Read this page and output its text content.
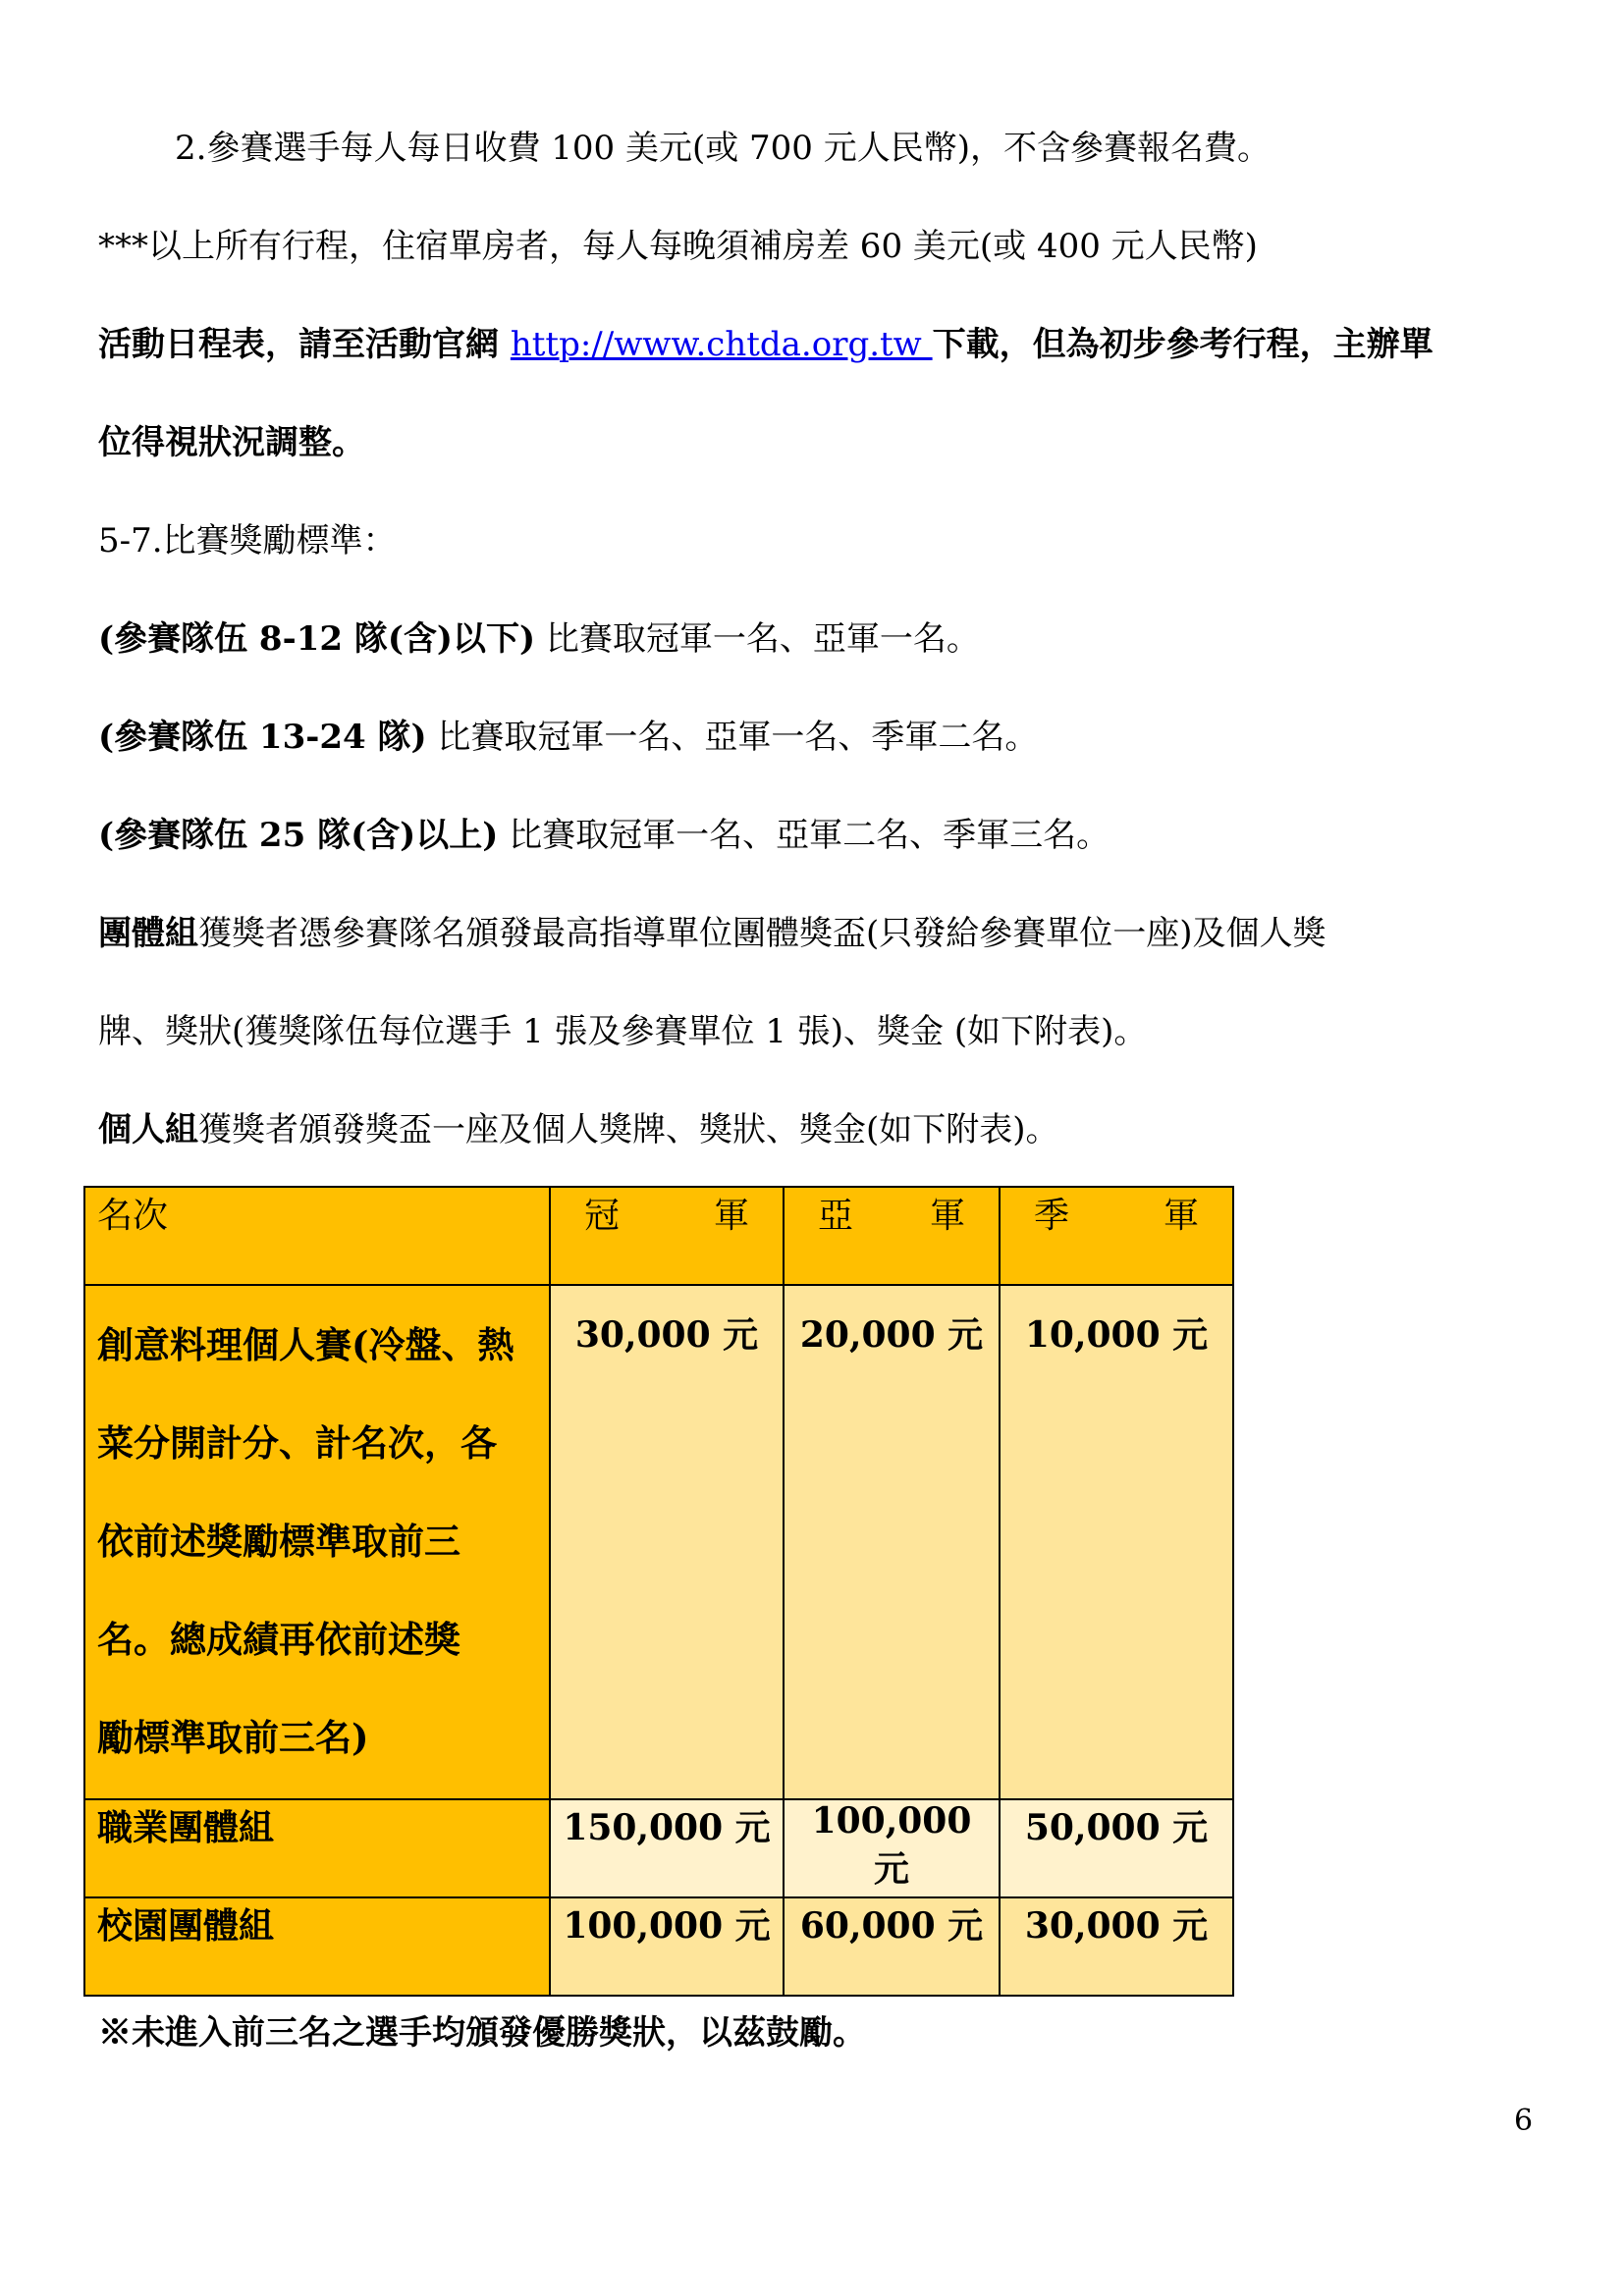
2.參賽選手每人每日收費 100 美元(或 700 元人民幣)，不含參賽報名費。
***以上所有行程，住宿單房者，每人每晚須補房差 60 美元(或 400 元人民幣)
活動日程表，請至活動官網 http://www.chtda.org.tw 下載，但為初步參考行程，主辦單
位得視狀況調整。
5-7.比賽獎勵標準：
(參賽隊伍 8-12 隊(含)以下) 比賽取冠軍一名、亞軍一名。
(參賽隊伍 13-24 隊) 比賽取冠軍一名、亞軍一名、季軍二名。
(參賽隊伍 25 隊(含)以上) 比賽取冠軍一名、亞軍二名、季軍三名。
團體組獲獎者憑參賽隊名頒發最高指導單位團體獎盃(只發給參賽單位一座)及個人獎
牌、獎狀(獲獎隊伍每位選手 1 張及參賽單位 1 張)、獎金 (如下附表)。
個人組獲獎者頒發獎盃一座及個人獎牌、獎狀、獎金(如下附表)。
名次	冠 軍	亞 軍	季 軍

創意料理個人賽(冷盤、熱
菜分開計分、計名次，各
依前述獎勵標準取前三
名。總成績再依前述獎
勵標準取前三名)	30,000 元	20,000 元	10,000 元
職業團體組	150,000 元	100,000 元	50,000 元
校園團體組	100,000 元	60,000 元	30,000 元
※未進入前三名之選手均頒發優勝獎狀，以茲鼓勵。
6
